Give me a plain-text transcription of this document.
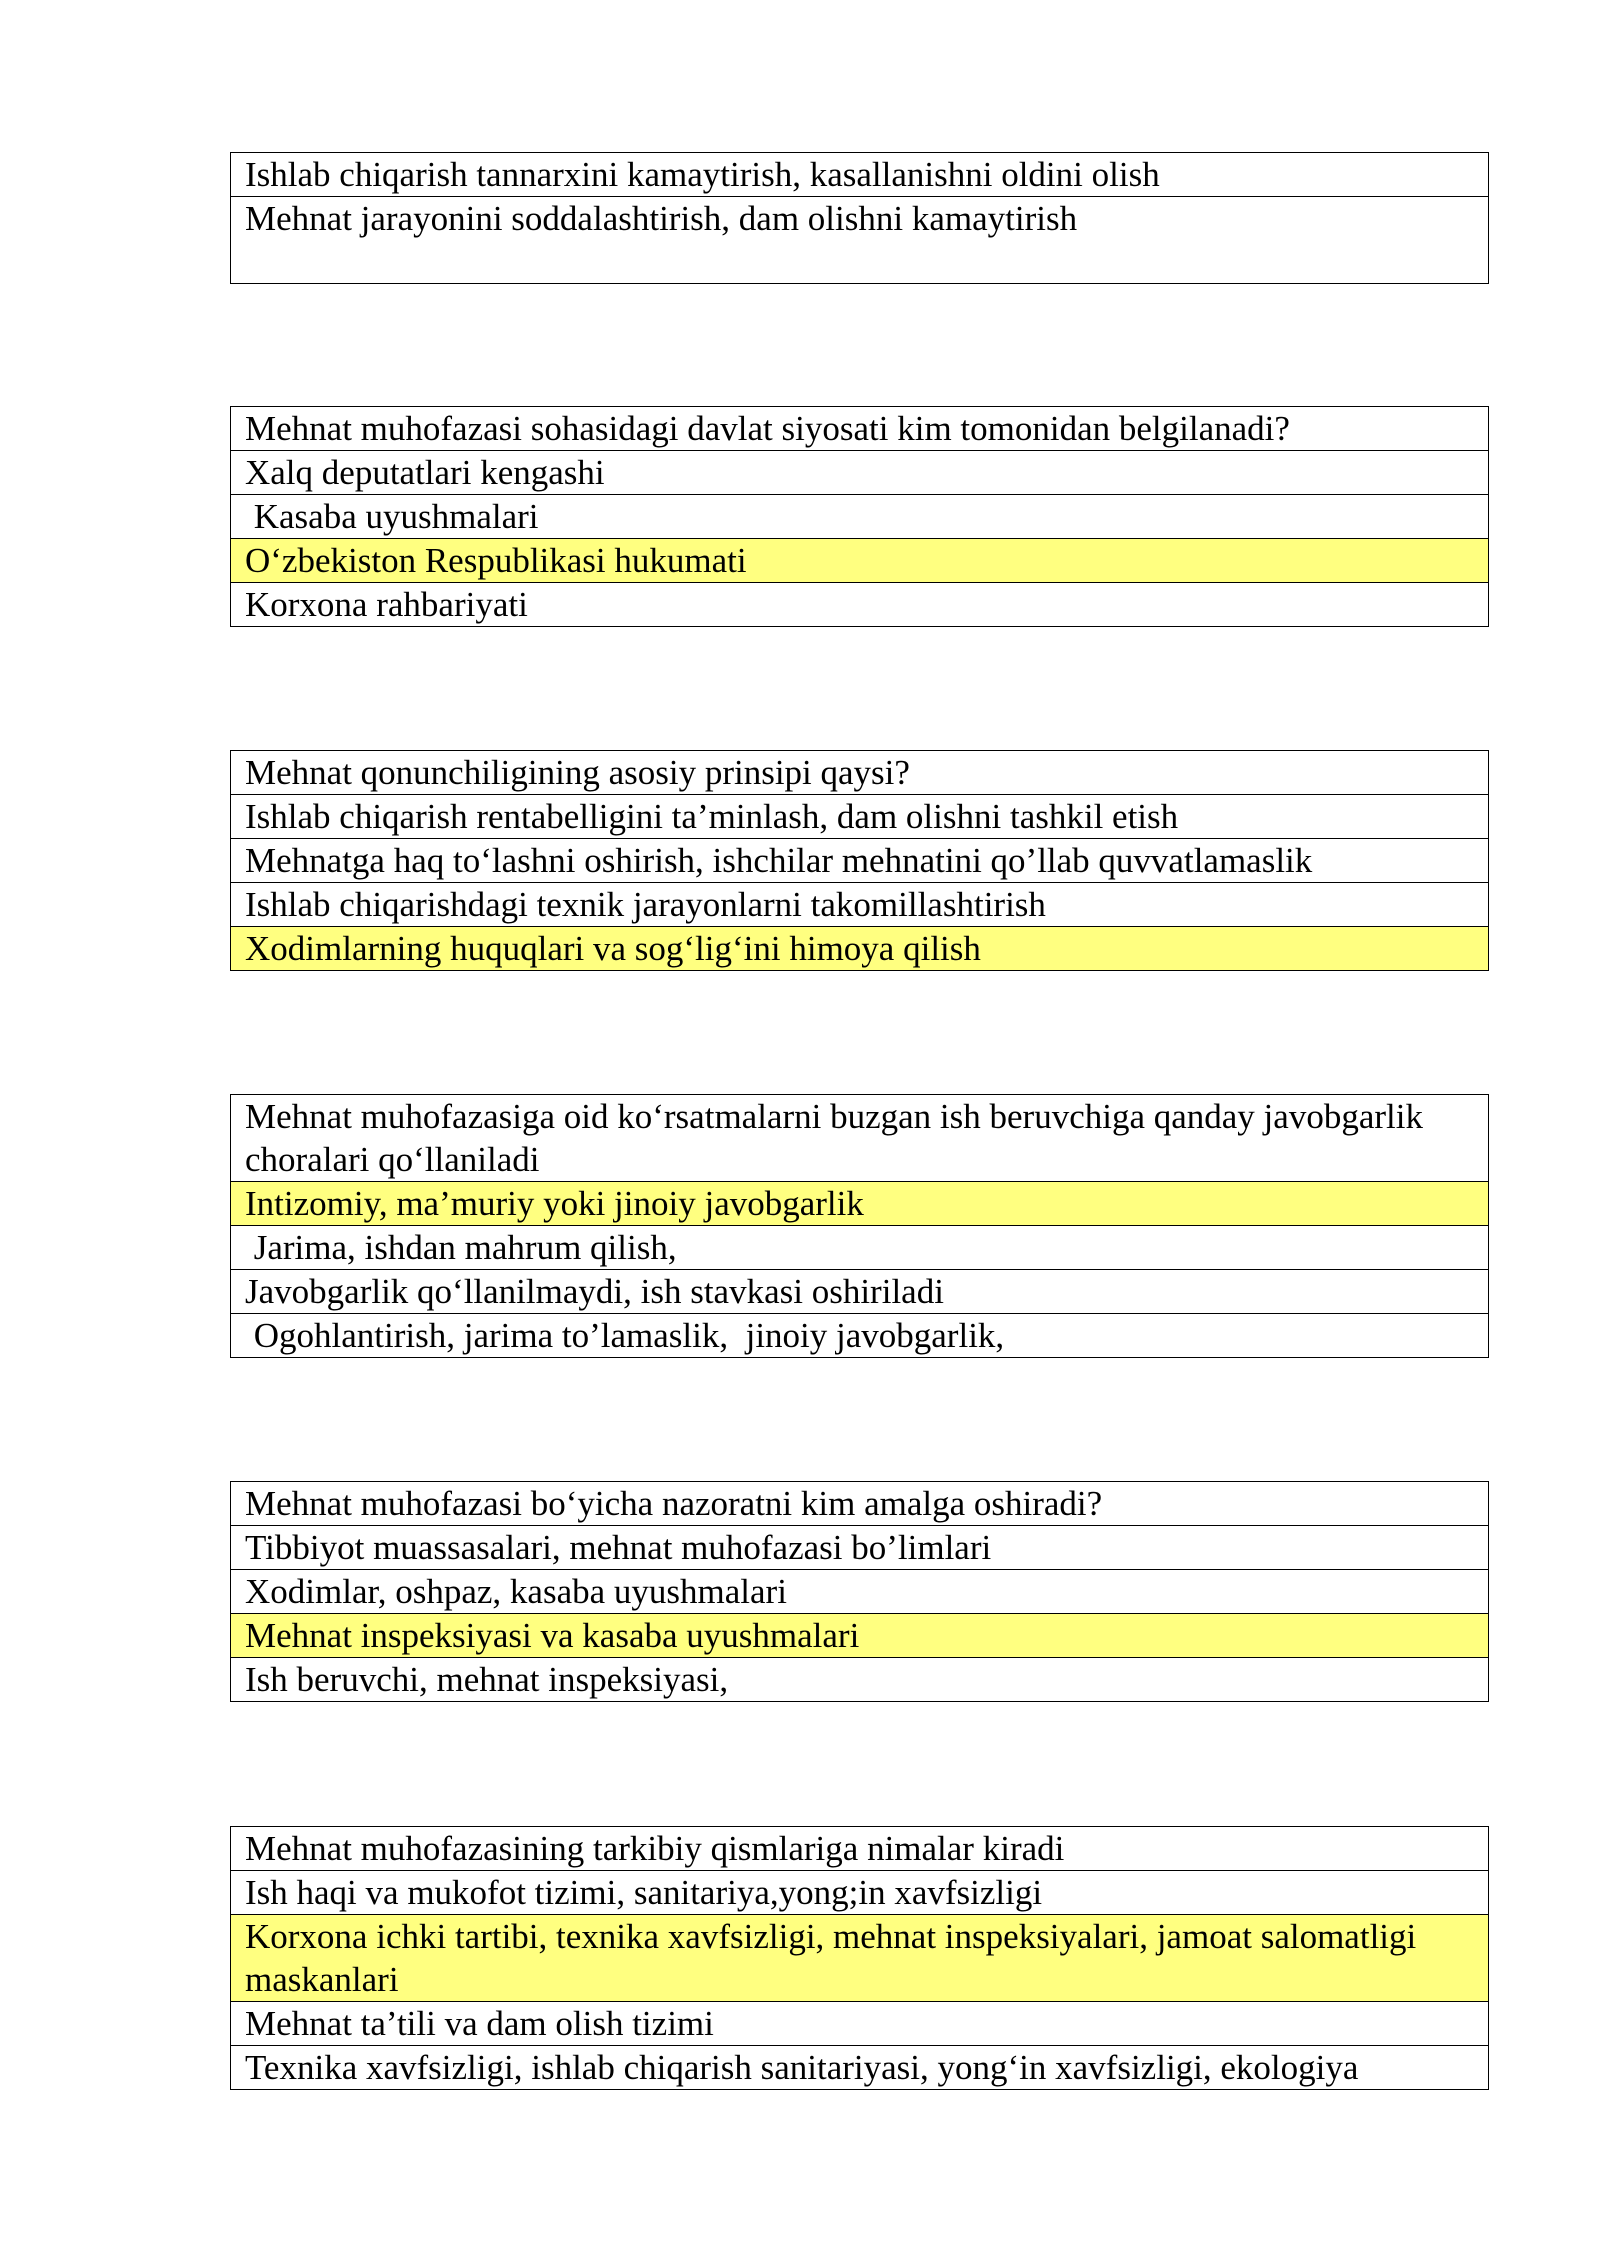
Ishlab chiqarish tannarxini kamaytirish, kasallanishni oldini olish
Mehnat jarayonini soddalashtirish, dam olishni kamaytirish
Mehnat muhofazasi sohasidagi davlat siyosati kim tomonidan belgilanadi?
Xalq deputatlari kengashi
Kasaba uyushmalari
O‘zbekiston Respublikasi hukumati
Korxona rahbariyati
Mehnat qonunchiligining asosiy prinsipi qaysi?
Ishlab chiqarish rentabelligini ta’minlash, dam olishni tashkil etish
Mehnatga haq to‘lashni oshirish, ishchilar mehnatini qo’llab quvvatlamaslik
Ishlab chiqarishdagi texnik jarayonlarni takomillashtirish
Xodimlarning huquqlari va sog‘lig‘ini himoya qilish
Mehnat muhofazasiga oid ko‘rsatmalarni buzgan ish beruvchiga qanday javobgarlik choralari qo‘llaniladi
Intizomiy, ma’muriy yoki jinoiy javobgarlik
Jarima, ishdan mahrum qilish,
Javobgarlik qo‘llanilmaydi, ish stavkasi oshiriladi
Ogohlantirish, jarima to’lamaslik,  jinoiy javobgarlik,
Mehnat muhofazasi bo‘yicha nazoratni kim amalga oshiradi?
Tibbiyot muassasalari, mehnat muhofazasi bo’limlari
Xodimlar, oshpaz, kasaba uyushmalari
Mehnat inspeksiyasi va kasaba uyushmalari
Ish beruvchi, mehnat inspeksiyasi,
Mehnat muhofazasining tarkibiy qismlariga nimalar kiradi
Ish haqi va mukofot tizimi, sanitariya,yong;in xavfsizligi
Korxona ichki tartibi, texnika xavfsizligi, mehnat inspeksiyalari, jamoat salomatligi maskanlari
Mehnat ta’tili va dam olish tizimi
Texnika xavfsizligi, ishlab chiqarish sanitariyasi, yong‘in xavfsizligi, ekologiya
